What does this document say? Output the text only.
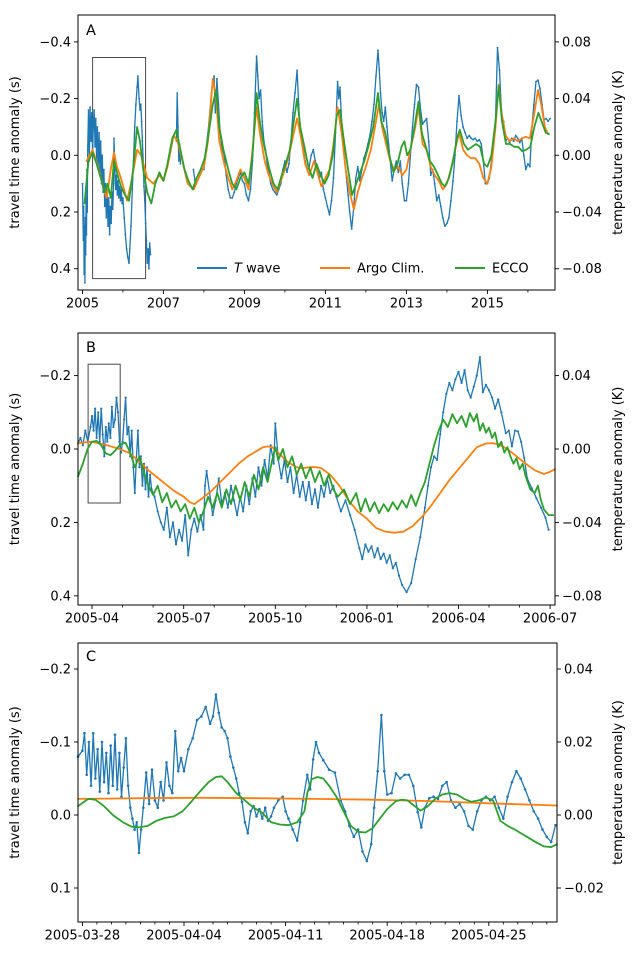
2005	2007	2009	2011	2013	2015
−0.4
−0.2
0.0
0.2
0.4
0.08
0.04
0.00
−0.04
−0.08
A
travel time anomaly (s)	temperature anomaly (K)
T wave	Argo Clim.	ECCO
2005-04	2005-07	2005-10	2006-01	2006-04	2006-07
−0.2
0.0
0.2
0.4
0.04
0.00
−0.04
−0.08
B
travel time anomaly (s)	temperature anomaly (K)
2005-03-28 2005-04-04 2005-04-11 2005-04-18 2005-04-25
−0.2
−0.1
0.0
0.1
0.04
0.02
0.00
−0.02
C
travel time anomaly (s)	temperature anomaly (K)
